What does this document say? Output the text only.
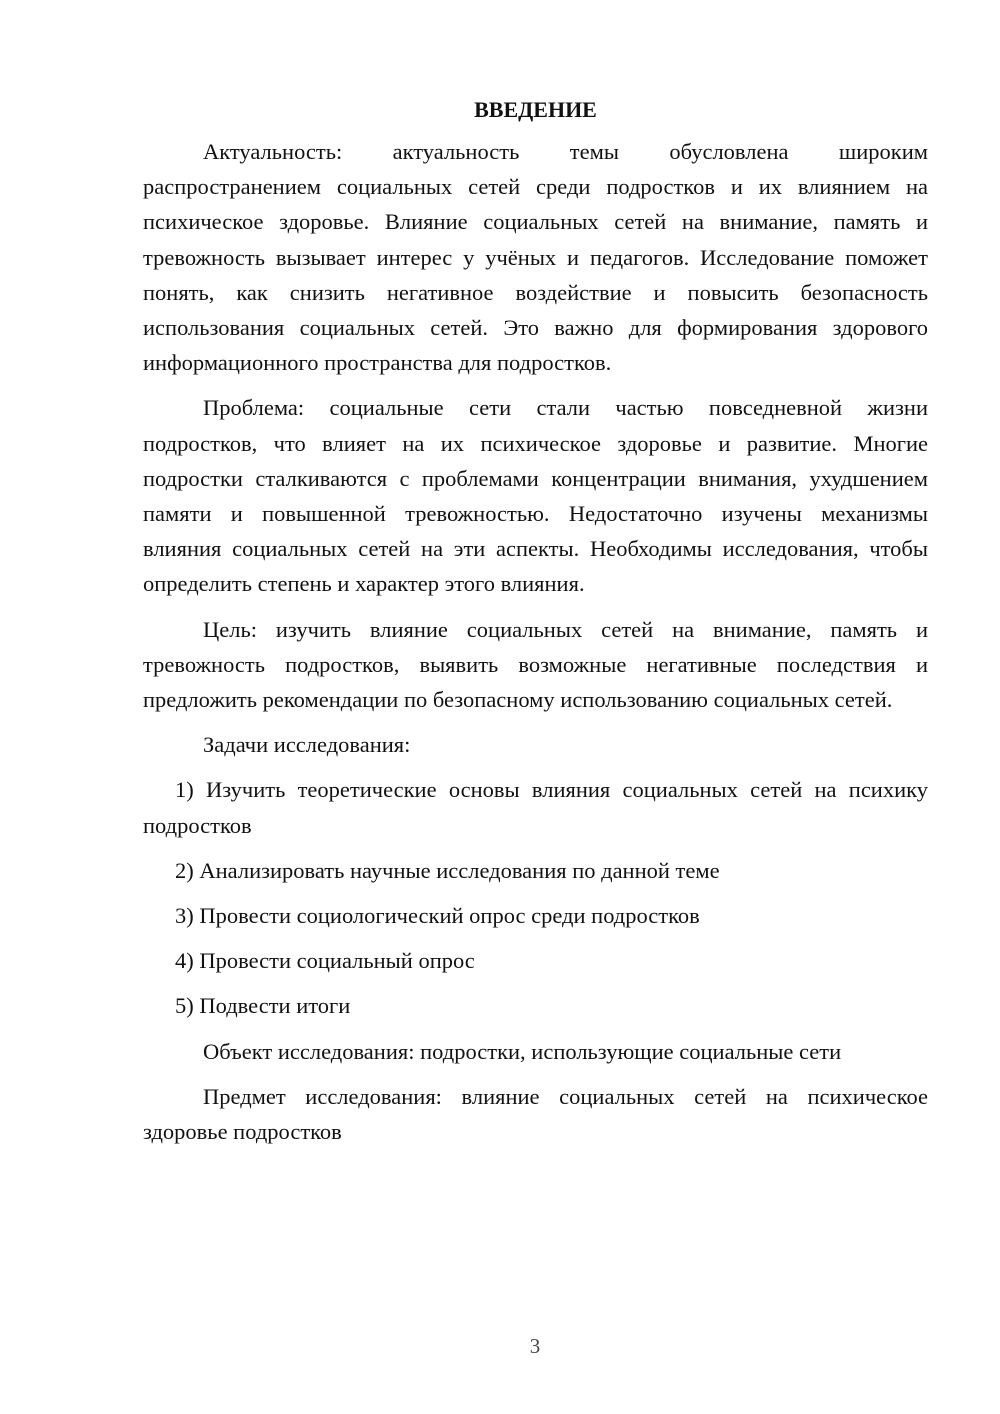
ВВЕДЕНИЕ

Актуальность: актуальность темы обусловлена широким распространением социальных сетей среди подростков и их влиянием на психическое здоровье. Влияние социальных сетей на внимание, память и тревожность вызывает интерес у учёных и педагогов. Исследование поможет понять, как снизить негативное воздействие и повысить безопасность использования социальных сетей. Это важно для формирования здорового информационного пространства для подростков.

Проблема: социальные сети стали частью повседневной жизни подростков, что влияет на их психическое здоровье и развитие. Многие подростки сталкиваются с проблемами концентрации внимания, ухудшением памяти и повышенной тревожностью. Недостаточно изучены механизмы влияния социальных сетей на эти аспекты. Необходимы исследования, чтобы определить степень и характер этого влияния.

Цель: изучить влияние социальных сетей на внимание, память и тревожность подростков, выявить возможные негативные последствия и предложить рекомендации по безопасному использованию социальных сетей.

Задачи исследования:

1) Изучить теоретические основы влияния социальных сетей на психику подростков

2) Анализировать научные исследования по данной теме

3) Провести социологический опрос среди подростков

4) Провести социальный опрос

5) Подвести итоги

Объект исследования: подростки, использующие социальные сети

Предмет исследования: влияние социальных сетей на психическое здоровье подростков

3
